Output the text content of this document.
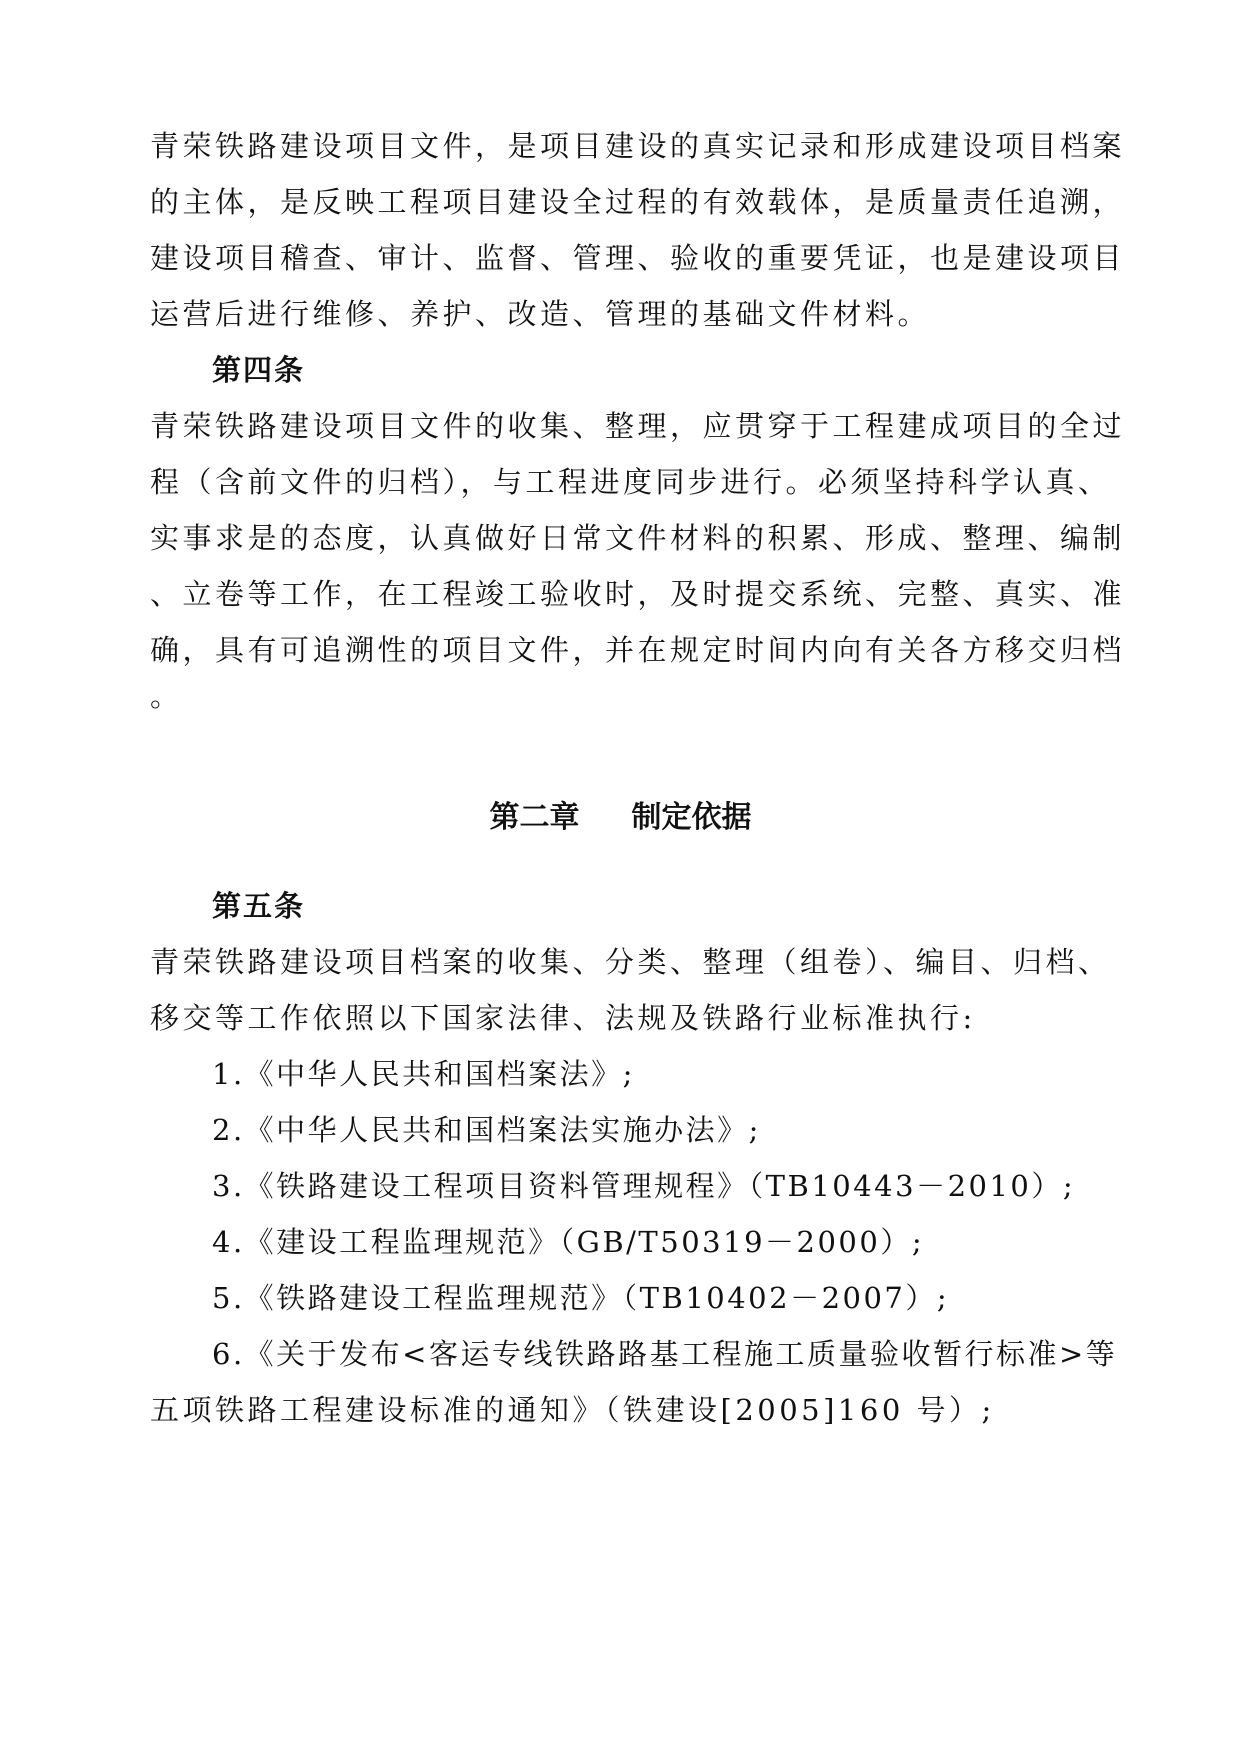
青荣铁路建设项目文件，是项目建设的真实记录和形成建设项目档案
的主体，是反映工程项目建设全过程的有效载体，是质量责任追溯，
建设项目稽查、审计、监督、管理、验收的重要凭证，也是建设项目
运营后进行维修、养护、改造、管理的基础文件材料。
第四条
青荣铁路建设项目文件的收集、整理，应贯穿于工程建成项目的全过
程（含前文件的归档），与工程进度同步进行。必须坚持科学认真、
实事求是的态度，认真做好日常文件材料的积累、形成、整理、编制
、立卷等工作，在工程竣工验收时，及时提交系统、完整、真实、准
确，具有可追溯性的项目文件，并在规定时间内向有关各方移交归档
。
第二章 制定依据
第五条
青荣铁路建设项目档案的收集、分类、整理（组卷）、编目、归档、
移交等工作依照以下国家法律、法规及铁路行业标准执行:
1.《中华人民共和国档案法》;
2.《中华人民共和国档案法实施办法》;
3.《铁路建设工程项目资料管理规程》（TB10443－2010）;
4.《建设工程监理规范》（GB/T50319－2000）;
5.《铁路建设工程监理规范》（TB10402－2007）;
6.《关于发布<客运专线铁路路基工程施工质量验收暂行标准>等
五项铁路工程建设标准的通知》（铁建设[2005]160 号）;
